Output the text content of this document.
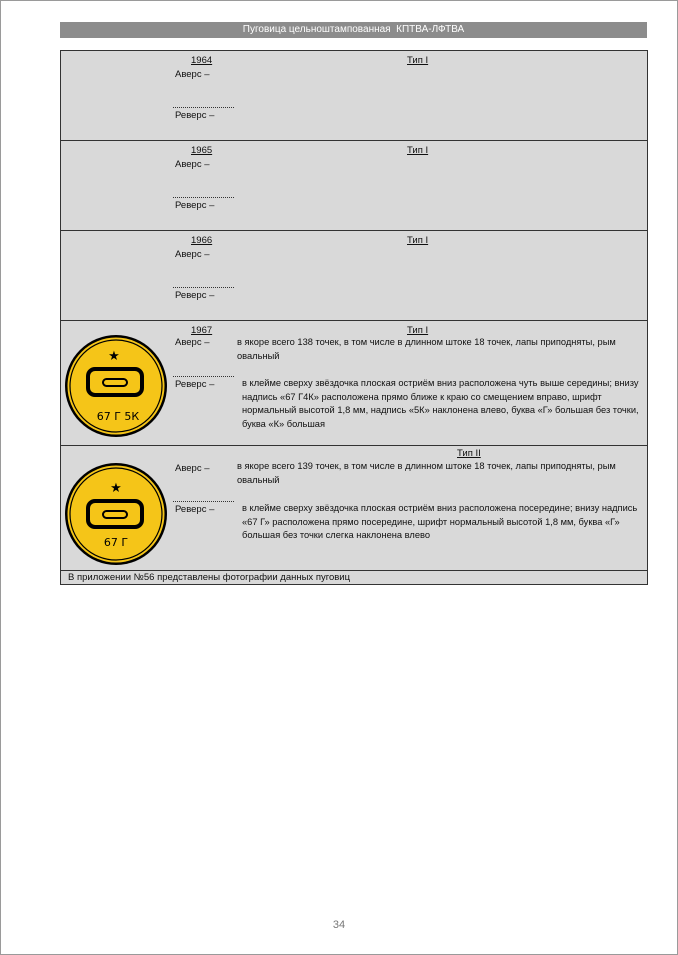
Пуговица цельноштампованная  КПТВА-ЛФТВА
1964	Тип I
Аверс –
Реверс –
1965	Тип I
Аверс –
Реверс –
1966	Тип I
Аверс –
Реверс –
★
67 Г 5К
1967	Тип I
Аверс –	в якоре всего 138 точек, в том числе в длинном штоке 18 точек, лапы приподняты, рым овальный
Реверс –	в клейме сверху звёздочка плоская остриём вниз расположена чуть выше середины; внизу надпись «67 Г4К» расположена прямо ближе к краю со смещением вправо, шрифт нормальный высотой 1,8 мм, надпись «5К» наклонена влево, буква «Г» большая без точки, буква «К» большая
★
67 Г
Тип II
Аверс –	в якоре всего 139 точек, в том числе в длинном штоке 18 точек, лапы приподняты, рым овальный
Реверс –	в клейме сверху звёздочка плоская остриём вниз расположена посередине; внизу надпись «67 Г» расположена прямо посередине, шрифт нормальный высотой 1,8 мм, буква «Г» большая без точки слегка наклонена влево
В приложении №56 представлены фотографии данных пуговиц
34
